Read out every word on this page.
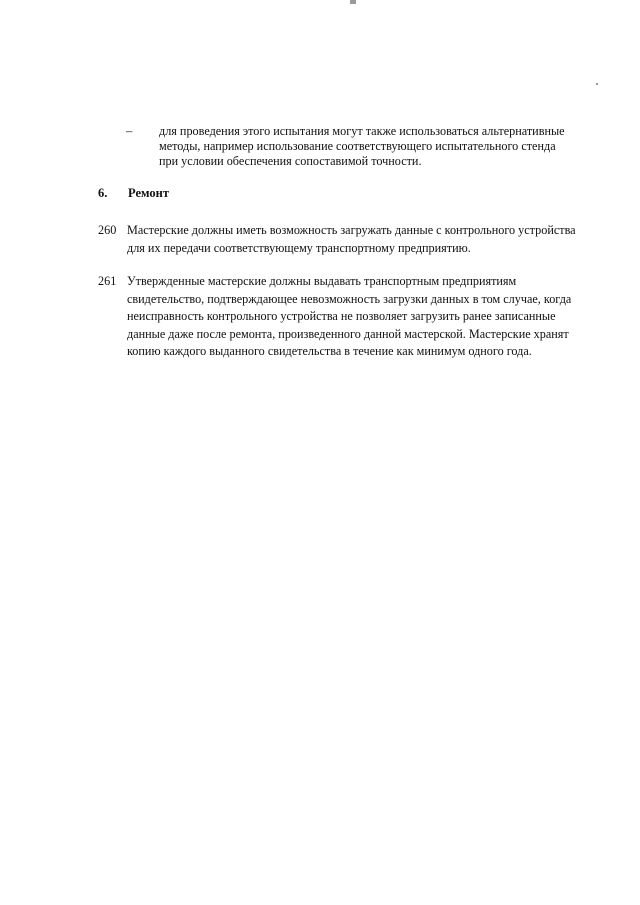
– для проведения этого испытания могут также использоваться альтернативные методы, например использование соответствующего испытательного стенда при условии обеспечения сопоставимой точности.
6. Ремонт
260 Мастерские должны иметь возможность загружать данные с контрольного устройства для их передачи соответствующему транспортному предприятию.
261 Утвержденные мастерские должны выдавать транспортным предприятиям свидетельство, подтверждающее невозможность загрузки данных в том случае, когда неисправность контрольного устройства не позволяет загрузить ранее записанные данные даже после ремонта, произведенного данной мастерской. Мастерские хранят копию каждого выданного свидетельства в течение как минимум одного года.
